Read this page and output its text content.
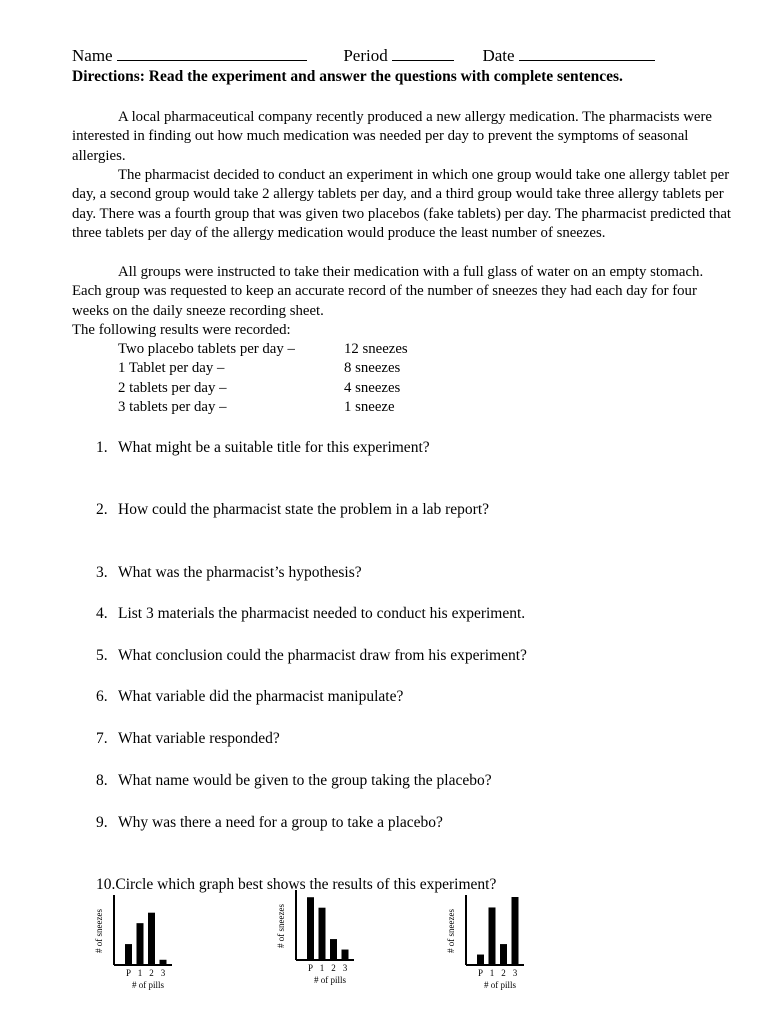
Name	Period	Date
Directions: Read the experiment and answer the questions with complete sentences.
A local pharmaceutical company recently produced a new allergy medication. The pharmacists were interested in finding out how much medication was needed per day to prevent the symptoms of seasonal allergies.
The pharmacist decided to conduct an experiment in which one group would take one allergy tablet per day, a second group would take 2 allergy tablets per day, and a third group would take three allergy tablets per day. There was a fourth group that was given two placebos (fake tablets) per day. The pharmacist predicted that three tablets per day of the allergy medication would produce the least number of sneezes.
All groups were instructed to take their medication with a full glass of water on an empty stomach. Each group was requested to keep an accurate record of the number of sneezes they had each day for four weeks on the daily sneeze recording sheet.
The following results were recorded:
Two placebo tablets per day –	12 sneezes
1 Tablet per day –	8 sneezes
2 tablets per day –	4 sneezes
3 tablets per day –	1 sneeze
1. What might be a suitable title for this experiment?
2. How could the pharmacist state the problem in a lab report?
3. What was the pharmacist’s hypothesis?
4. List 3 materials the pharmacist needed to conduct his experiment.
5. What conclusion could the pharmacist draw from his experiment?
6. What variable did the pharmacist manipulate?
7. What variable responded?
8. What name would be given to the group taking the placebo?
9. Why was there a need for a group to take a placebo?
10.Circle which graph best shows the results of this experiment?
P 1 2 3
# of pills
# of sneezes
P 1 2 3
# of pills
# of sneezes
P 1 2 3
# of pills
# of sneezes
